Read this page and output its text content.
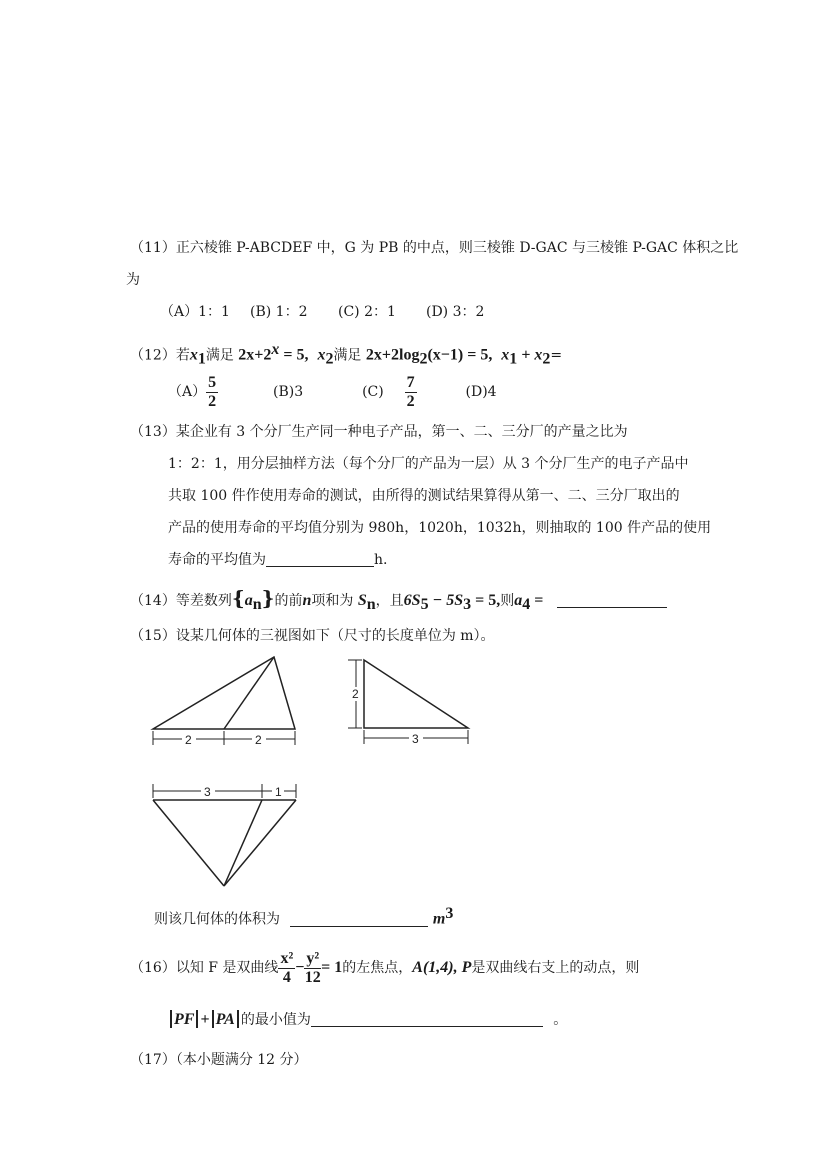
（11）正六棱锥 P-ABCDEF 中，G 为 PB 的中点，则三棱锥 D-GAC 与三棱锥 P-GAC 体积之比
为
（A）1：1 (B) 1：2 (C) 2：1 (D) 3：2
（12）若$x_1$满足 $2x+2^x = 5$, $x_2$满足 $2x+2\log_2(x-1) = 5$, $x_1 + x_2=$
$(A) \frac{5}{2}$	(B)3	$(C) \frac{7}{2}$	(D)4
（13）某企业有 3 个分厂生产同一种电子产品，第一、二、三分厂的产量之比为
1：2：1，用分层抽样方法（每个分厂的产品为一层）从 3 个分厂生产的电子产品中
共取 100 件作使用寿命的测试，由所得的测试结果算得从第一、二、三分厂取出的
产品的使用寿命的平均值分别为 980h，1020h，1032h，则抽取的 100 件产品的使用
寿命的平均值为	h.
（14）等差数列$\{a_n\}$的前n项和为 $S_n$，且$6S_5 - 5S_3 = 5$,则$a_4$ =
（15）设某几何体的三视图如下（尺寸的长度单位为 m）。
2	2
2
3
3	1
则该几何体的体积为	$m^3$
（16）以知 F 是双曲线 $\frac{\text{x²}}{4} - \frac{\text{y²}}{12} = 1$的左焦点，A(1,4), P是双曲线右支上的动点，则
PF + PA 的最小值为	。
（17）（本小题满分 12 分）
